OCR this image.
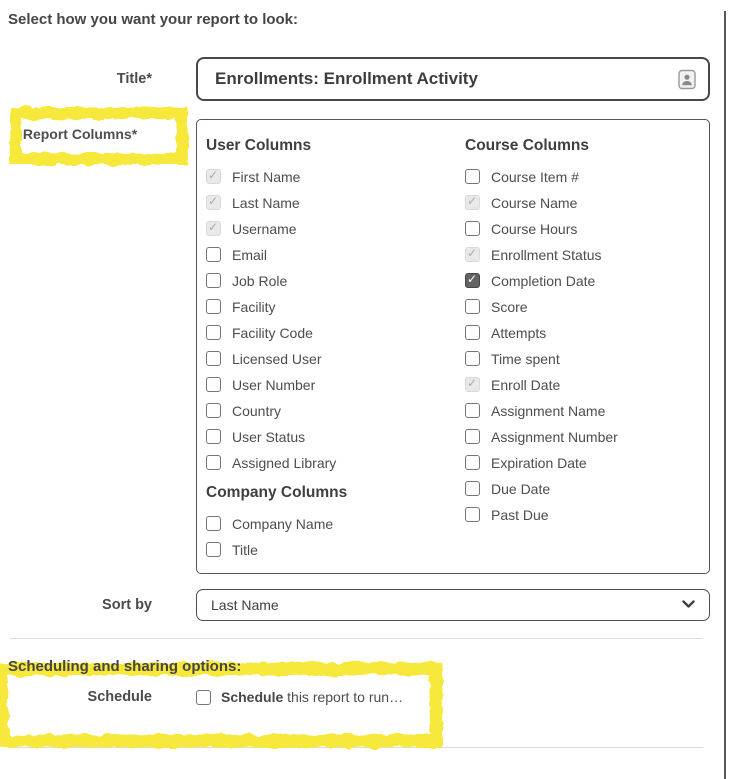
Select how you want your report to look:
Title*	Enrollments: Enrollment Activity
Report Columns*
User Columns
✓
First Name
✓
Last Name
✓
Username
Email
Job Role
Facility
Facility Code
Licensed User
User Number
Country
User Status
Assigned Library
Company Columns
Company Name
Title
Course Columns
Course Item #
✓
Course Name
Course Hours
✓
Enrollment Status
✓
Completion Date
Score
Attempts
Time spent
✓
Enroll Date
Assignment Name
Assignment Number
Expiration Date
Due Date
Past Due
Sort by	Last Name
Scheduling and sharing options:
Schedule	Schedule this report to run…
